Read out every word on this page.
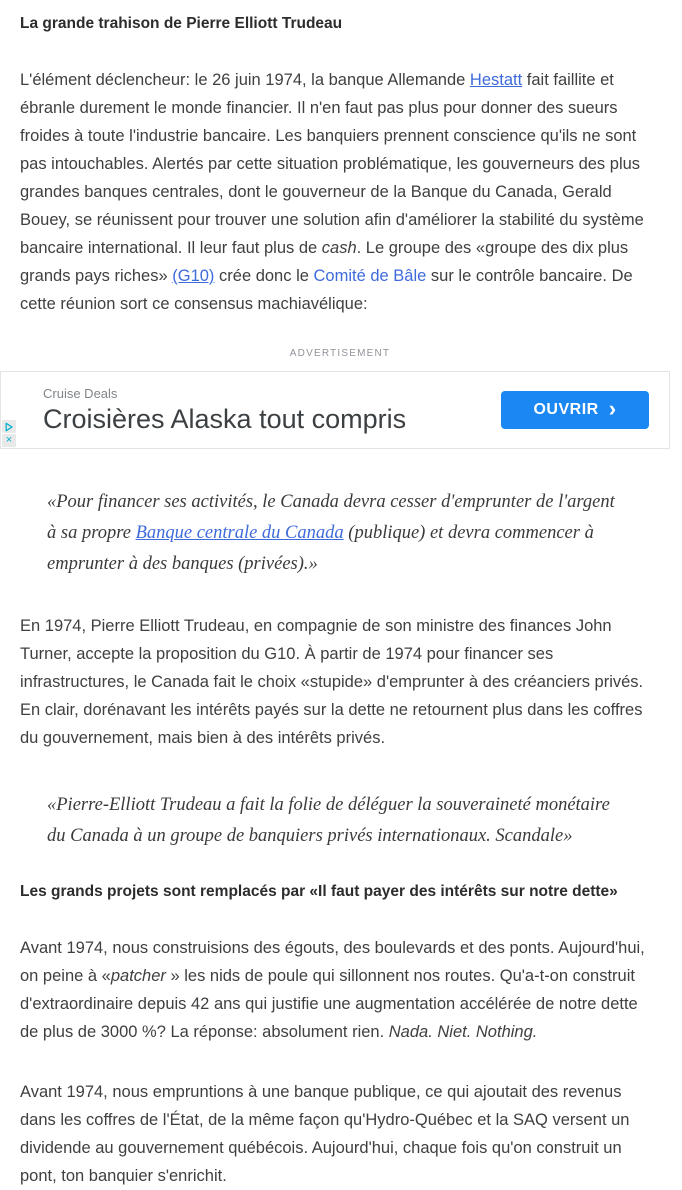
La grande trahison de Pierre Elliott Trudeau

L'élément déclencheur: le 26 juin 1974, la banque Allemande Hestatt fait faillite et ébranle durement le monde financier. Il n'en faut pas plus pour donner des sueurs froides à toute l'industrie bancaire. Les banquiers prennent conscience qu'ils ne sont pas intouchables. Alertés par cette situation problématique, les gouverneurs des plus grandes banques centrales, dont le gouverneur de la Banque du Canada, Gerald Bouey, se réunissent pour trouver une solution afin d'améliorer la stabilité du système bancaire international. Il leur faut plus de cash. Le groupe des «groupe des dix plus grands pays riches» (G10) crée donc le Comité de Bâle sur le contrôle bancaire. De cette réunion sort ce consensus machiavélique:

ADVERTISEMENT
Cruise Deals
Croisières Alaska tout compris	OUVRIR ›
×
«Pour financer ses activités, le Canada devra cesser d'emprunter de l'argent à sa propre Banque centrale du Canada (publique) et devra commencer à emprunter à des banques (privées).»

En 1974, Pierre Elliott Trudeau, en compagnie de son ministre des finances John Turner, accepte la proposition du G10. À partir de 1974 pour financer ses infrastructures, le Canada fait le choix «stupide» d'emprunter à des créanciers privés. En clair, dorénavant les intérêts payés sur la dette ne retournent plus dans les coffres du gouvernement, mais bien à des intérêts privés.

«Pierre-Elliott Trudeau a fait la folie de déléguer la souveraineté monétaire du Canada à un groupe de banquiers privés internationaux. Scandale»
Les grands projets sont remplacés par «Il faut payer des intérêts sur notre dette»

Avant 1974, nous construisions des égouts, des boulevards et des ponts. Aujourd'hui, on peine à «patcher » les nids de poule qui sillonnent nos routes. Qu'a-t-on construit d'extraordinaire depuis 42 ans qui justifie une augmentation accélérée de notre dette de plus de 3000 %? La réponse: absolument rien. Nada. Niet. Nothing.

Avant 1974, nous empruntions à une banque publique, ce qui ajoutait des revenus dans les coffres de l'État, de la même façon qu'Hydro-Québec et la SAQ versent un dividende au gouvernement québécois. Aujourd'hui, chaque fois qu'on construit un pont, ton banquier s'enrichit.
